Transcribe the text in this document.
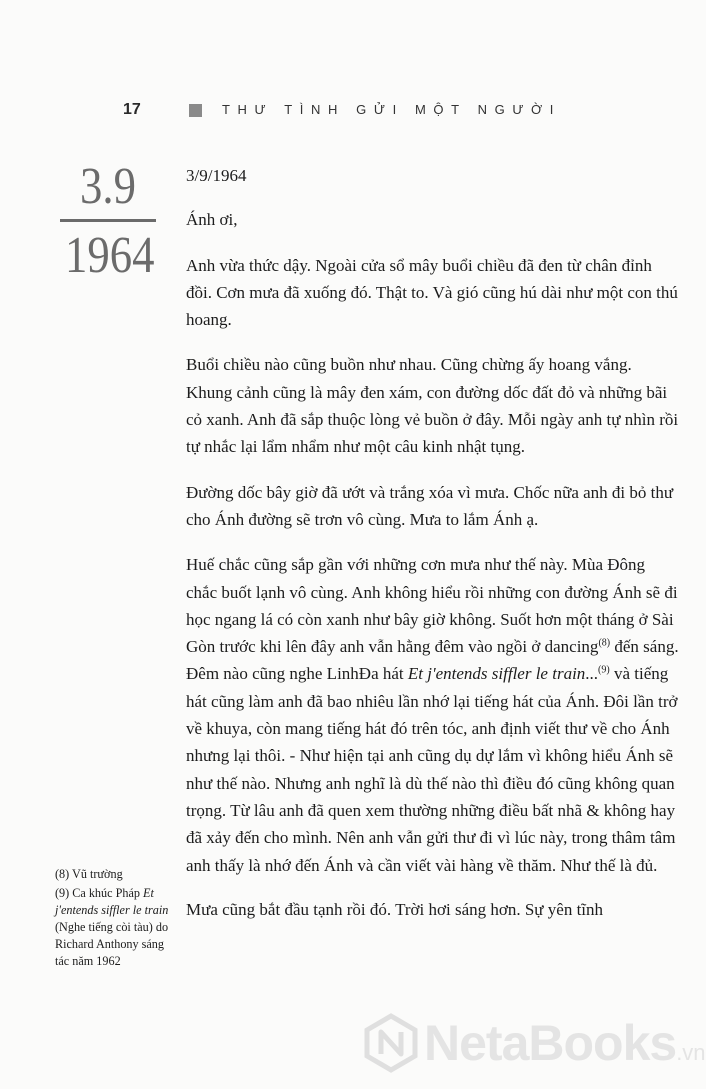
17	THƯ TÌNH GỬI MỘT NGƯỜI
3.9
1964

3/9/1964

Ánh ơi,

Anh vừa thức dậy. Ngoài cửa sổ mây buổi chiều đã đen từ chân đỉnh đồi. Cơn mưa đã xuống đó. Thật to. Và gió cũng hú dài như một con thú hoang.

Buổi chiều nào cũng buồn như nhau. Cũng chừng ấy hoang vắng. Khung cảnh cũng là mây đen xám, con đường dốc đất đỏ và những bãi cỏ xanh. Anh đã sắp thuộc lòng vẻ buồn ở đây. Mỗi ngày anh tự nhìn rồi tự nhắc lại lẩm nhẩm như một câu kinh nhật tụng.

Đường dốc bây giờ đã ướt và trắng xóa vì mưa. Chốc nữa anh đi bỏ thư cho Ánh đường sẽ trơn vô cùng. Mưa to lắm Ánh ạ.

Huế chắc cũng sắp gần với những cơn mưa như thế này. Mùa Đông chắc buốt lạnh vô cùng. Anh không hiểu rồi những con đường Ánh sẽ đi học ngang lá có còn xanh như bây giờ không. Suốt hơn một tháng ở Sài Gòn trước khi lên đây anh vẫn hằng đêm vào ngồi ở dancing$^{(8)}$ đến sáng. Đêm nào cũng nghe LinhĐa hát Et j'entends siffler le train...$^{(9)}$ và tiếng hát cũng làm anh đã bao nhiêu lần nhớ lại tiếng hát của Ánh. Đôi lần trở về khuya, còn mang tiếng hát đó trên tóc, anh định viết thư về cho Ánh nhưng lại thôi. - Như hiện tại anh cũng dụ dự lắm vì không hiểu Ánh sẽ như thế nào. Nhưng anh nghĩ là dù thế nào thì điều đó cũng không quan trọng. Từ lâu anh đã quen xem thường những điều bất nhã & không hay đã xảy đến cho mình. Nên anh vẫn gửi thư đi vì lúc này, trong thâm tâm anh thấy là nhớ đến Ánh và cần viết vài hàng về thăm. Như thế là đủ.

Mưa cũng bắt đầu tạnh rồi đó. Trời hơi sáng hơn. Sự yên tĩnh

(8) Vũ trường

(9) Ca khúc Pháp Et j'entends siffler le train (Nghe tiếng còi tàu) do Richard Anthony sáng tác năm 1962

NetaBooks.vn
